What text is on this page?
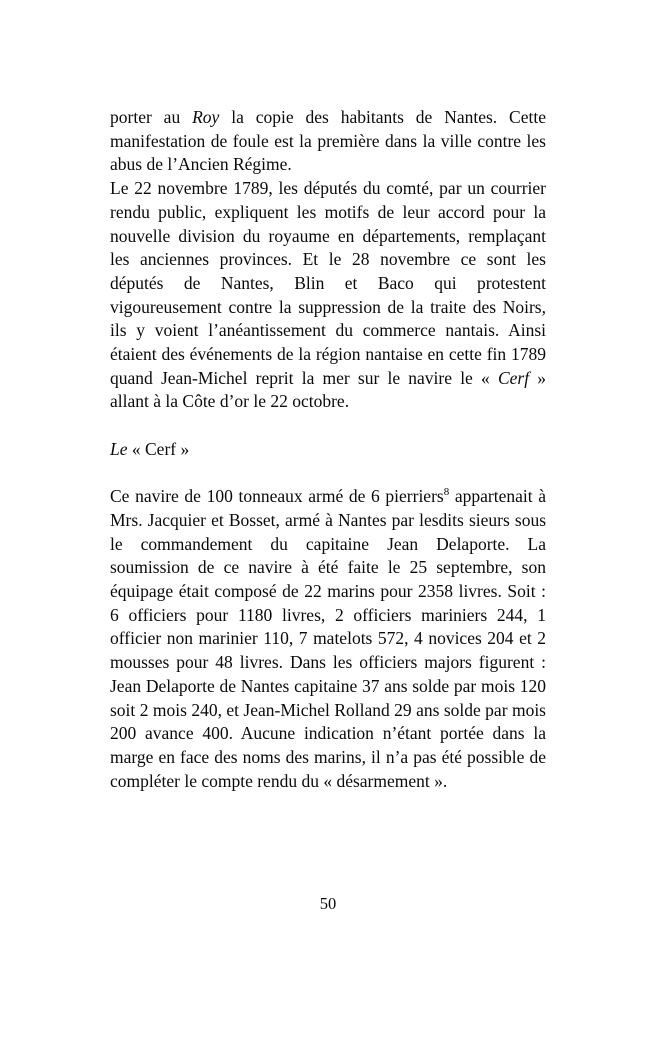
porter au Roy la copie des habitants de Nantes. Cette manifestation de foule est la première dans la ville contre les abus de l’Ancien Régime.

Le 22 novembre 1789, les députés du comté, par un courrier rendu public, expliquent les motifs de leur accord pour la nouvelle division du royaume en départements, remplaçant les anciennes provinces. Et le 28 novembre ce sont les députés de Nantes, Blin et Baco qui protestent vigoureusement contre la suppression de la traite des Noirs, ils y voient l’anéantissement du commerce nantais. Ainsi étaient des événements de la région nantaise en cette fin 1789 quand Jean-Michel reprit la mer sur le navire le « Cerf » allant à la Côte d’or le 22 octobre.

Le « Cerf »

Ce navire de 100 tonneaux armé de 6 pierriers$^8$ appartenait à Mrs. Jacquier et Bosset, armé à Nantes par lesdits sieurs sous le commandement du capitaine Jean Delaporte. La soumission de ce navire à été faite le 25 septembre, son équipage était composé de 22 marins pour 2358 livres. Soit : 6 officiers pour 1180 livres, 2 officiers mariniers 244, 1 officier non marinier 110, 7 matelots 572, 4 novices 204 et 2 mousses pour 48 livres. Dans les officiers majors figurent : Jean Delaporte de Nantes capitaine 37 ans solde par mois 120 soit 2 mois 240, et Jean-Michel Rolland 29 ans solde par mois 200 avance 400. Aucune indication n’étant portée dans la marge en face des noms des marins, il n’a pas été possible de compléter le compte rendu du « désarmement ».

50
